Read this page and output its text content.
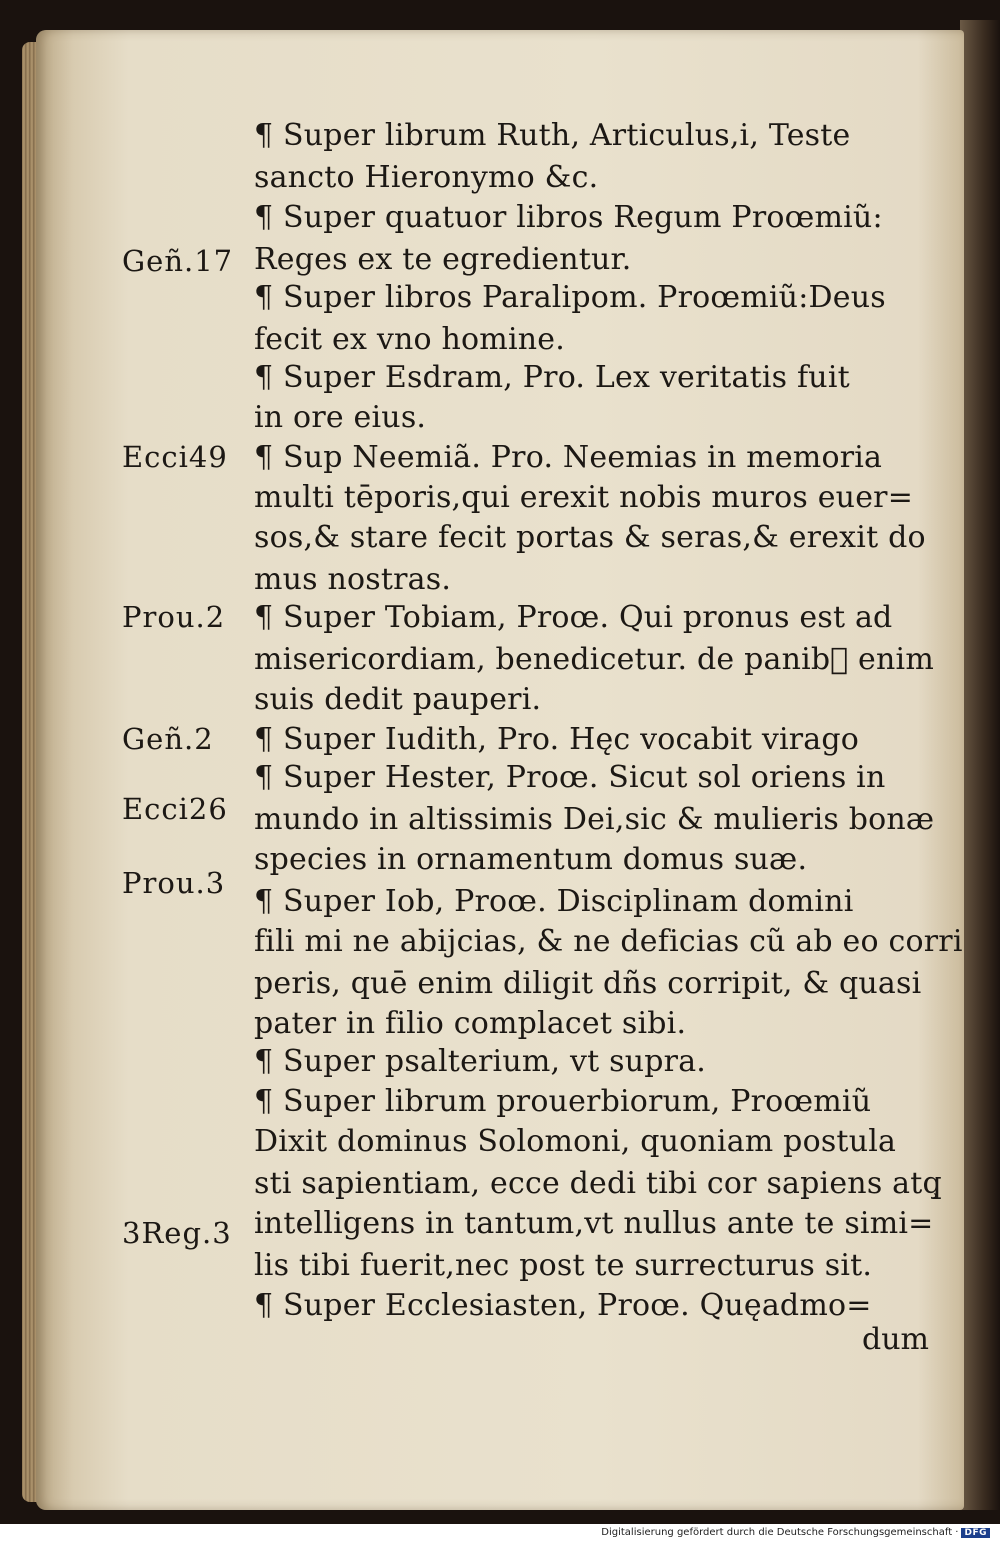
Geñ.17
Ecci49
Prou.2
Geñ.2
Ecci26
Prou.3
3Reg.3
¶ Super librum Ruth, Articulus,i, Teste
sancto Hieronymo &c.
¶ Super quatuor libros Regum Proœmiũ:
Reges ex te egredientur.
¶ Super libros Paralipom. Proœmiũ:Deus
fecit ex vno homine.
¶ Super Esdram, Pro. Lex veritatis fuit
in ore eius.
¶ Sup Neemiã. Pro. Neemias in memoria
multi tēporis,qui erexit nobis muros euer=
sos,& stare fecit portas & seras,& erexit do
mus nostras.
¶ Super Tobiam, Proœ. Qui pronus est ad
misericordiam, benedicetur. de panib᷒ enim
suis dedit pauperi.
¶ Super Iudith, Pro. Hęc vocabit virago
¶ Super Hester, Proœ. Sicut sol oriens in
mundo in altissimis Dei,sic & mulieris bonæ
species in ornamentum domus suæ.
¶ Super Iob, Proœ. Disciplinam domini
fili mi ne abijcias, & ne deficias cũ ab eo corri
peris, quē enim diligit dñs corripit, & quasi
pater in filio complacet sibi.
¶ Super psalterium, vt supra.
¶ Super librum prouerbiorum, Proœmiũ
Dixit dominus Solomoni, quoniam postula
sti sapientiam, ecce dedi tibi cor sapiens atq̧
intelligens in tantum,vt nullus ante te simi=
lis tibi fuerit,nec post te surrecturus sit.
¶ Super Ecclesiasten, Proœ. Quęadmo=
dum
Digitalisierung gefördert durch die Deutsche Forschungsgemeinschaft · DFG
